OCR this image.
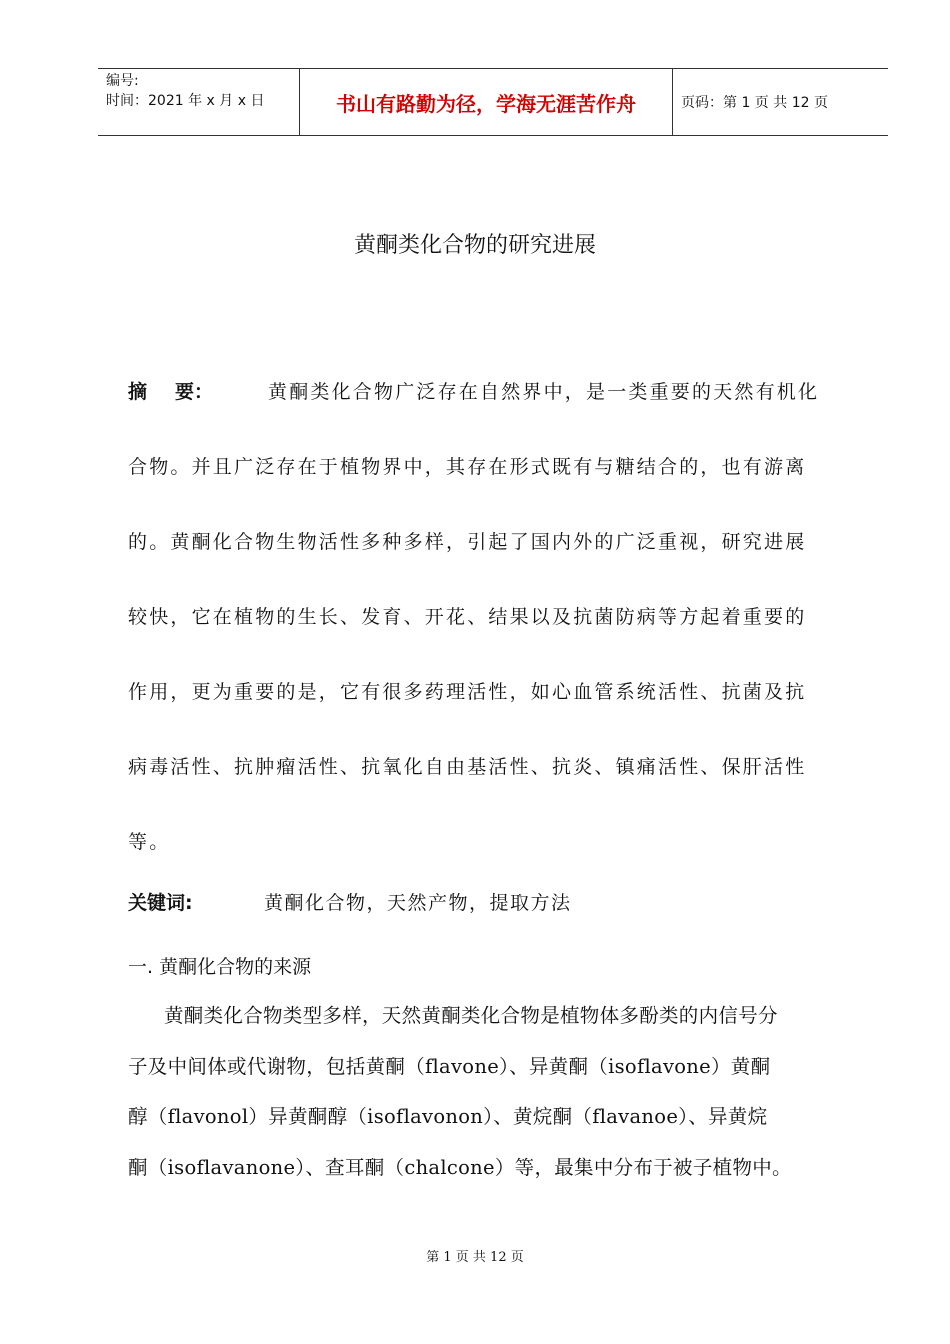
编号:
时间：2021 年 x 月 x 日	书山有路勤为径，学海无涯苦作舟	页码：第 1 页 共 12 页
黄酮类化合物的研究进展
摘 要：	黄酮类化合物广泛存在自然界中，是一类重要的天然有机化
合物。并且广泛存在于植物界中，其存在形式既有与糖结合的，也有游离
的。黄酮化合物生物活性多种多样，引起了国内外的广泛重视，研究进展
较快，它在植物的生长、发育、开花、结果以及抗菌防病等方起着重要的
作用，更为重要的是，它有很多药理活性，如心血管系统活性、抗菌及抗
病毒活性、抗肿瘤活性、抗氧化自由基活性、抗炎、镇痛活性、保肝活性
等。
关键词:	黄酮化合物，天然产物，提取方法
一. 黄酮化合物的来源
黄酮类化合物类型多样，天然黄酮类化合物是植物体多酚类的内信号分
子及中间体或代谢物，包括黄酮（flavone）、异黄酮（isoflavone）黄酮
醇（flavonol）异黄酮醇（isoflavonon）、黄烷酮（flavanoe）、异黄烷
酮（isoflavanone）、查耳酮（chalcone）等，最集中分布于被子植物中。
第 1 页 共 12 页
